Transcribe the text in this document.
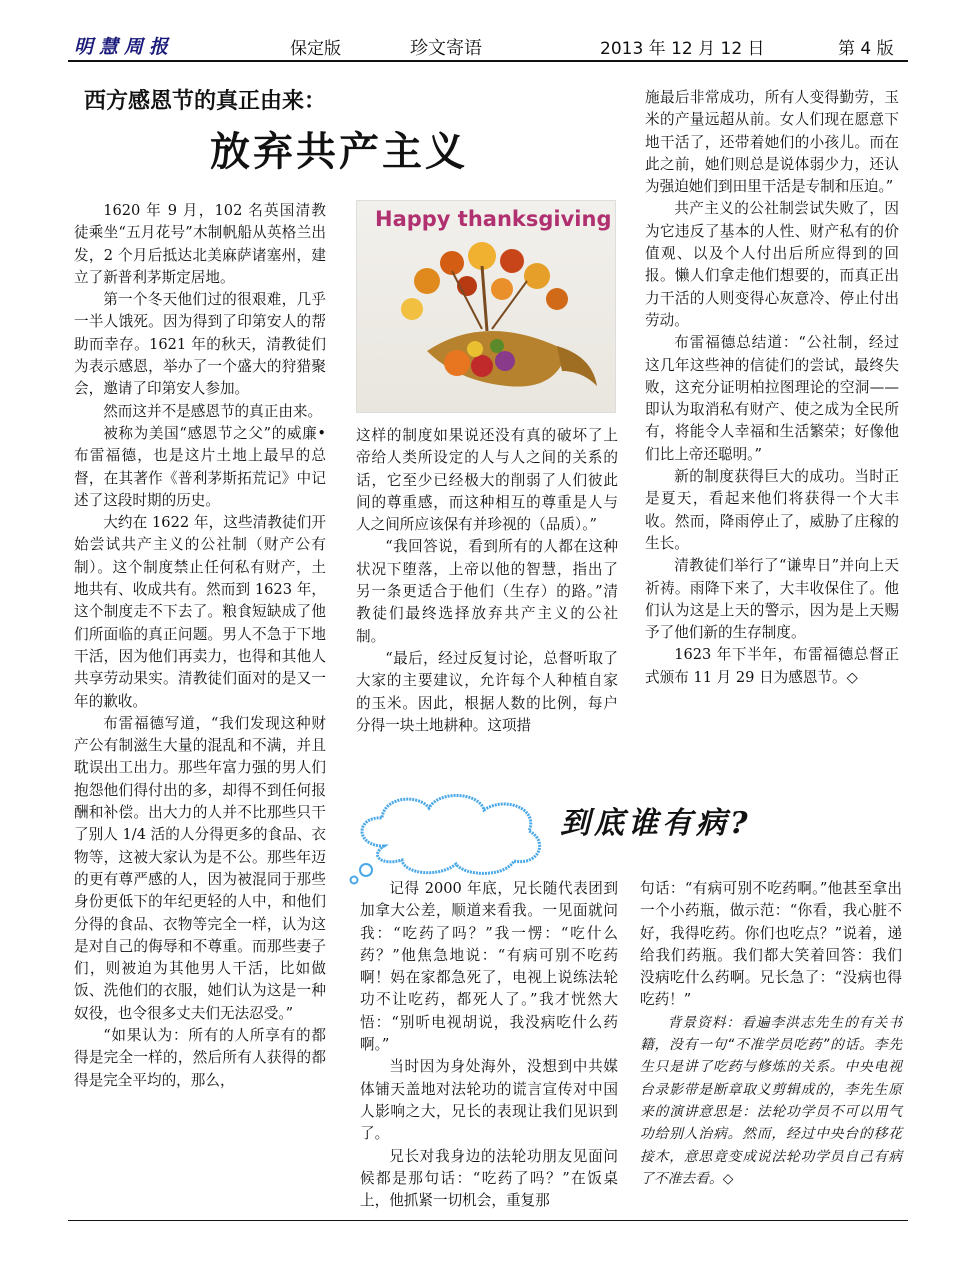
明慧周报	保定版	珍文寄语	2013 年 12 月 12 日	第 4 版
西方感恩节的真正由来：
放弃共产主义

1620 年 9 月，102 名英国清教徒乘坐“五月花号”木制帆船从英格兰出发，2 个月后抵达北美麻萨诸塞州，建立了新普利茅斯定居地。

第一个冬天他们过的很艰难，几乎一半人饿死。因为得到了印第安人的帮助而幸存。1621 年的秋天，清教徒们为表示感恩，举办了一个盛大的狩猎聚会，邀请了印第安人参加。

然而这并不是感恩节的真正由来。

被称为美国“感恩节之父”的威廉•布雷福德，也是这片土地上最早的总督，在其著作《普利茅斯拓荒记》中记述了这段时期的历史。

大约在 1622 年，这些清教徒们开始尝试共产主义的公社制（财产公有制）。这个制度禁止任何私有财产，土地共有、收成共有。然而到 1623 年，这个制度走不下去了。粮食短缺成了他们所面临的真正问题。男人不急于下地干活，因为他们再卖力，也得和其他人共享劳动果实。清教徒们面对的是又一年的歉收。

布雷福德写道，“我们发现这种财产公有制滋生大量的混乱和不满，并且耽误出工出力。那些年富力强的男人们抱怨他们得付出的多，却得不到任何报酬和补偿。出大力的人并不比那些只干了别人 1/4 活的人分得更多的食品、衣物等，这被大家认为是不公。那些年迈的更有尊严感的人，因为被混同于那些身份更低下的年纪更轻的人中，和他们分得的食品、衣物等完全一样，认为这是对自己的侮辱和不尊重。而那些妻子们，则被迫为其他男人干活，比如做饭、洗他们的衣服，她们认为这是一种奴役，也令很多丈夫们无法忍受。”

“如果认为：所有的人所享有的都得是完全一样的，然后所有人获得的都得是完全平均的，那么，

Happy thanksgiving

这样的制度如果说还没有真的破坏了上帝给人类所设定的人与人之间的关系的话，它至少已经极大的削弱了人们彼此间的尊重感，而这种相互的尊重是人与人之间所应该保有并珍视的（品质）。”

“我回答说，看到所有的人都在这种状况下堕落，上帝以他的智慧，指出了另一条更适合于他们（生存）的路。”清教徒们最终选择放弃共产主义的公社制。

“最后，经过反复讨论，总督听取了大家的主要建议，允许每个人种植自家的玉米。因此，根据人数的比例，每户分得一块土地耕种。这项措

施最后非常成功，所有人变得勤劳，玉米的产量远超从前。女人们现在愿意下地干活了，还带着她们的小孩儿。而在此之前，她们则总是说体弱少力，还认为强迫她们到田里干活是专制和压迫。”

共产主义的公社制尝试失败了，因为它违反了基本的人性、财产私有的价值观、以及个人付出后所应得到的回报。懒人们拿走他们想要的，而真正出力干活的人则变得心灰意冷、停止付出劳动。

布雷福德总结道：“公社制，经过这几年这些神的信徒们的尝试，最终失败，这充分证明柏拉图理论的空洞——即认为取消私有财产、使之成为全民所有，将能令人幸福和生活繁荣；好像他们比上帝还聪明。”

新的制度获得巨大的成功。当时正是夏天，看起来他们将获得一个大丰收。然而，降雨停止了，威胁了庄稼的生长。

清教徒们举行了“谦卑日”并向上天祈祷。雨降下来了，大丰收保住了。他们认为这是上天的警示，因为是上天赐予了他们新的生存制度。

1623 年下半年，布雷福德总督正式颁布 11 月 29 日为感恩节。◇

到底谁有病?

记得 2000 年底，兄长随代表团到加拿大公差，顺道来看我。一见面就问我：“吃药了吗？”我一愣：“吃什么药？”他焦急地说：“有病可别不吃药啊！妈在家都急死了，电视上说练法轮功不让吃药，都死人了。”我才恍然大悟：“别听电视胡说，我没病吃什么药啊。”

当时因为身处海外，没想到中共媒体铺天盖地对法轮功的谎言宣传对中国人影响之大，兄长的表现让我们见识到了。

兄长对我身边的法轮功朋友见面问候都是那句话：“吃药了吗？”在饭桌上，他抓紧一切机会，重复那

句话：“有病可别不吃药啊。”他甚至拿出一个小药瓶，做示范：“你看，我心脏不好，我得吃药。你们也吃点？”说着，递给我们药瓶。我们都大笑着回答：我们没病吃什么药啊。兄长急了：“没病也得吃药！”

背景资料：看遍李洪志先生的有关书籍，没有一句“不准学员吃药”的话。李先生只是讲了吃药与修炼的关系。中央电视台录影带是断章取义剪辑成的，李先生原来的演讲意思是：法轮功学员不可以用气功给别人治病。然而，经过中央台的移花接木，意思竟变成说法轮功学员自己有病了不准去看。◇
